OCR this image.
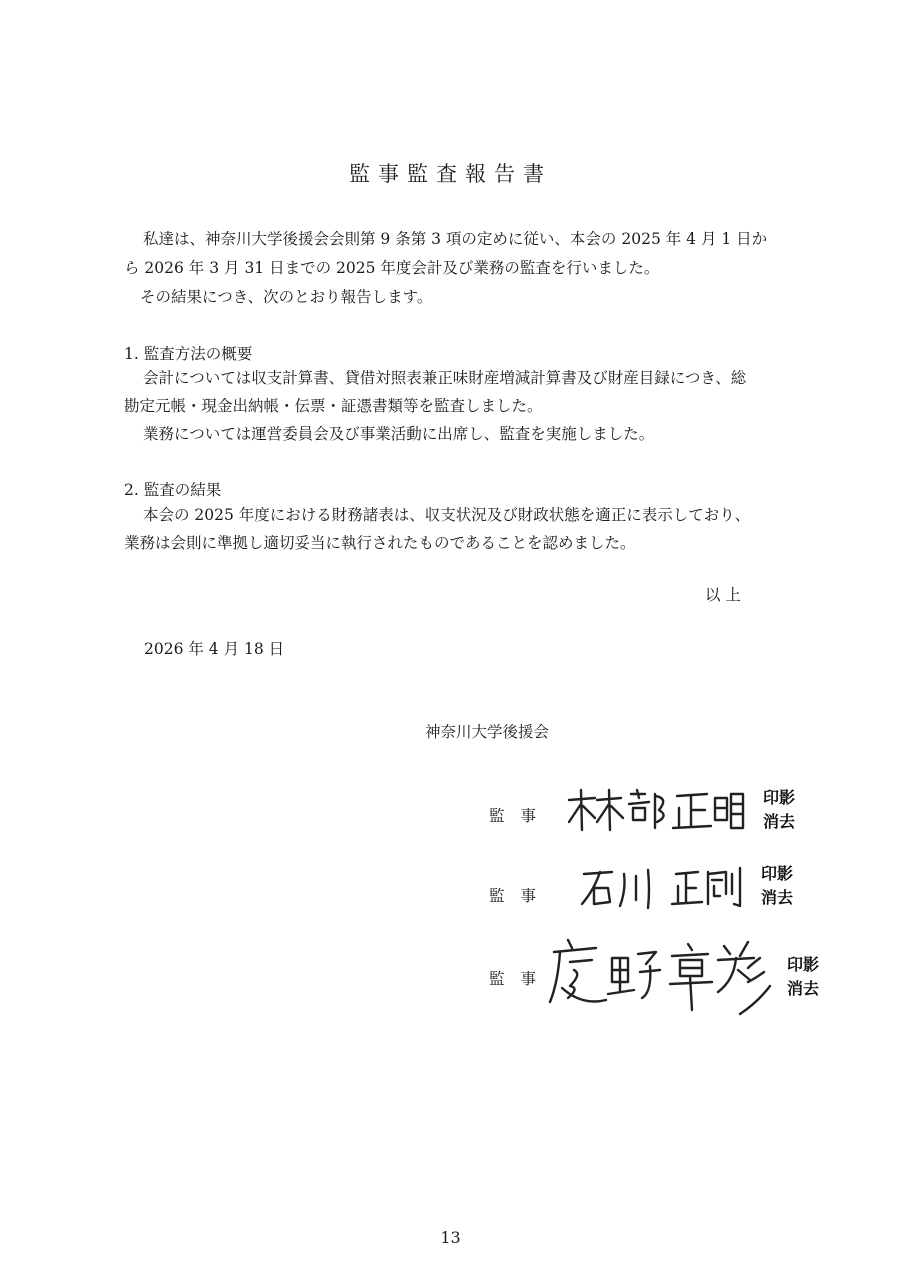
監事監査報告書
私達は、神奈川大学後援会会則第 9 条第 3 項の定めに従い、本会の 2025 年 4 月 1 日か
ら 2026 年 3 月 31 日までの 2025 年度会計及び業務の監査を行いました。
その結果につき、次のとおり報告します。
1. 監査方法の概要
会計については収支計算書、貸借対照表兼正味財産増減計算書及び財産目録につき、総
勘定元帳・現金出納帳・伝票・証憑書類等を監査しました。
業務については運営委員会及び事業活動に出席し、監査を実施しました。
2. 監査の結果
本会の 2025 年度における財務諸表は、収支状況及び財政状態を適正に表示しており、
業務は会則に準拠し適切妥当に執行されたものであることを認めました。
以 上
2026 年 4 月 18 日
神奈川大学後援会
監事
印影
消去
監事
印影
消去
監事
印影
消去
13
